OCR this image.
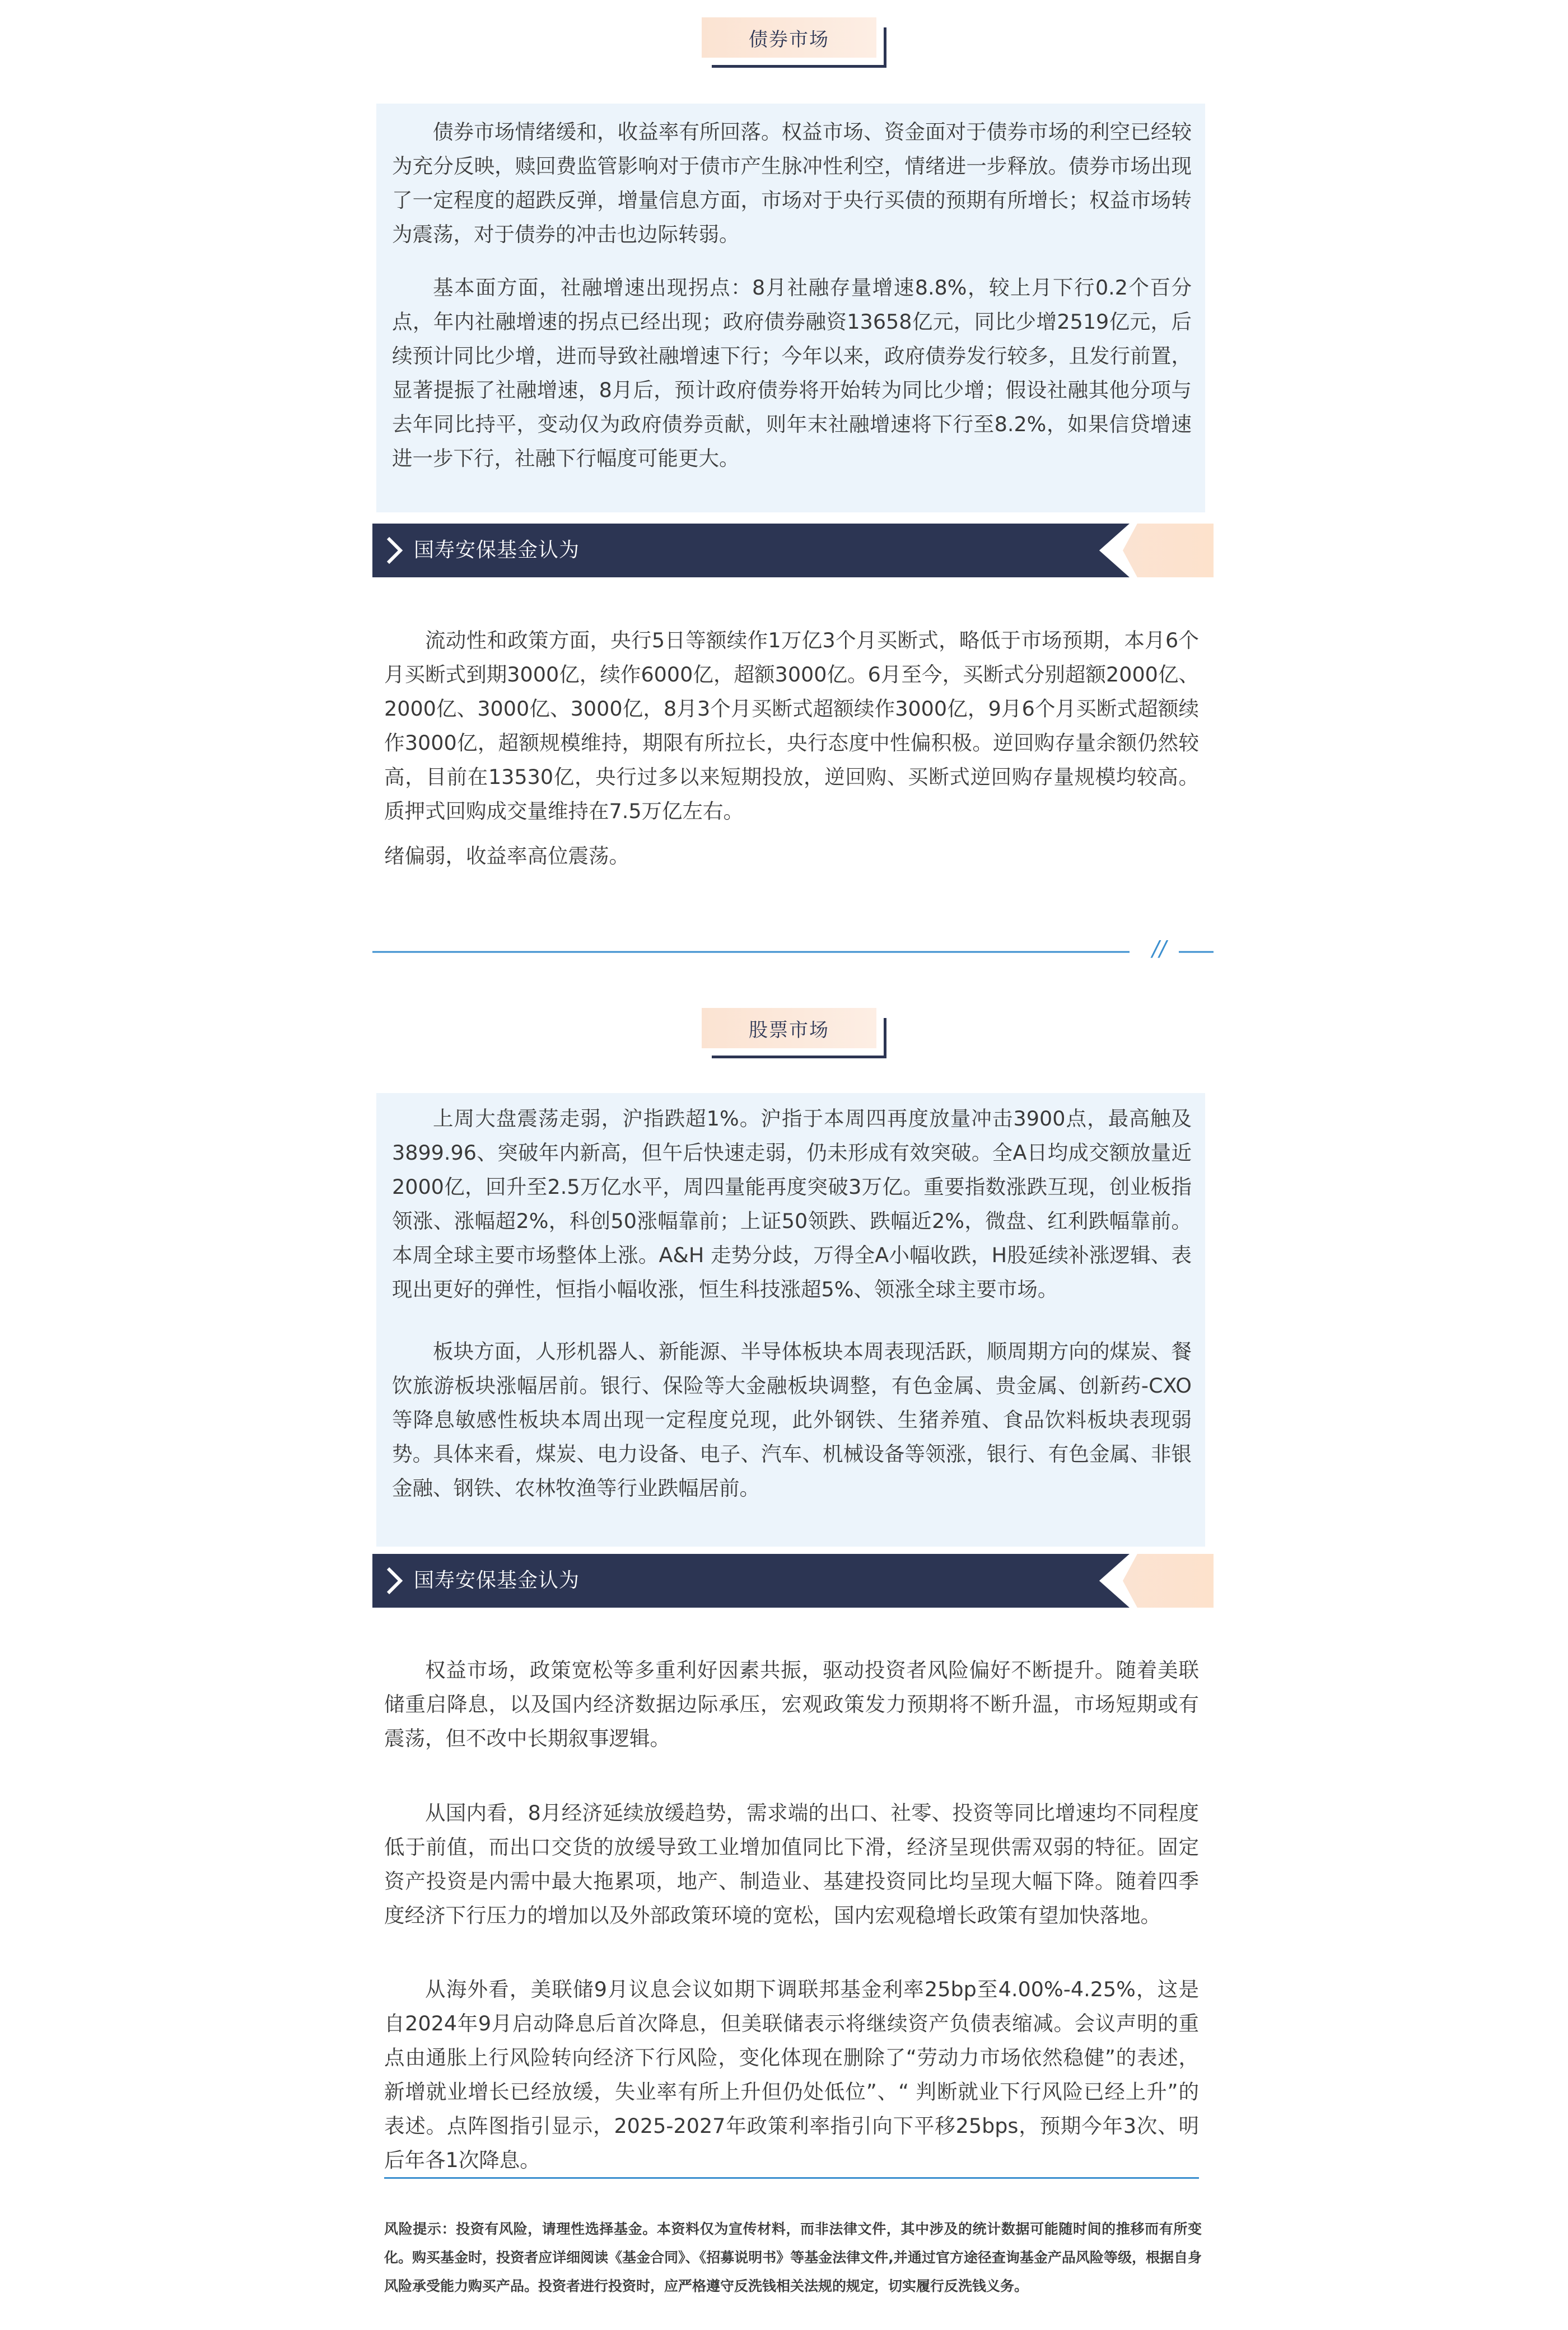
债券市场
债券市场情绪缓和，收益率有所回落。权益市场、资金面对于债券市场的利空已经较为充分反映，赎回费监管影响对于债市产生脉冲性利空，情绪进一步释放。债券市场出现了一定程度的超跌反弹，增量信息方面，市场对于央行买债的预期有所增长；权益市场转为震荡，对于债券的冲击也边际转弱。
基本面方面，社融增速出现拐点：8月社融存量增速8.8%，较上月下行0.2个百分点，年内社融增速的拐点已经出现；政府债券融资13658亿元，同比少增2519亿元，后续预计同比少增，进而导致社融增速下行；今年以来，政府债券发行较多，且发行前置，显著提振了社融增速，8月后，预计政府债券将开始转为同比少增；假设社融其他分项与去年同比持平，变动仅为政府债券贡献，则年末社融增速将下行至8.2%，如果信贷增速进一步下行，社融下行幅度可能更大。
国寿安保基金认为
流动性和政策方面，央行5日等额续作1万亿3个月买断式，略低于市场预期，本月6个月买断式到期3000亿，续作6000亿，超额3000亿。6月至今，买断式分别超额2000亿、2000亿、3000亿、3000亿，8月3个月买断式超额续作3000亿，9月6个月买断式超额续作3000亿，超额规模维持，期限有所拉长，央行态度中性偏积极。逆回购存量余额仍然较高，目前在13530亿，央行过多以来短期投放，逆回购、买断式逆回购存量规模均较高。质押式回购成交量维持在7.5万亿左右。
绪偏弱，收益率高位震荡。
//
股票市场
上周大盘震荡走弱，沪指跌超1%。沪指于本周四再度放量冲击3900点，最高触及3899.96、突破年内新高，但午后快速走弱，仍未形成有效突破。全A日均成交额放量近2000亿，回升至2.5万亿水平，周四量能再度突破3万亿。重要指数涨跌互现，创业板指领涨、涨幅超2%，科创50涨幅靠前；上证50领跌、跌幅近2%，微盘、红利跌幅靠前。本周全球主要市场整体上涨。A&H 走势分歧，万得全A小幅收跌，H股延续补涨逻辑、表现出更好的弹性，恒指小幅收涨，恒生科技涨超5%、领涨全球主要市场。
板块方面，人形机器人、新能源、半导体板块本周表现活跃，顺周期方向的煤炭、餐饮旅游板块涨幅居前。银行、保险等大金融板块调整，有色金属、贵金属、创新药-CXO等降息敏感性板块本周出现一定程度兑现，此外钢铁、生猪养殖、食品饮料板块表现弱势。具体来看，煤炭、电力设备、电子、汽车、机械设备等领涨，银行、有色金属、非银金融、钢铁、农林牧渔等行业跌幅居前。
国寿安保基金认为
权益市场，政策宽松等多重利好因素共振，驱动投资者风险偏好不断提升。随着美联储重启降息，以及国内经济数据边际承压，宏观政策发力预期将不断升温，市场短期或有震荡，但不改中长期叙事逻辑。
从国内看，8月经济延续放缓趋势，需求端的出口、社零、投资等同比增速均不同程度低于前值，而出口交货的放缓导致工业增加值同比下滑，经济呈现供需双弱的特征。固定资产投资是内需中最大拖累项，地产、制造业、基建投资同比均呈现大幅下降。随着四季度经济下行压力的增加以及外部政策环境的宽松，国内宏观稳增长政策有望加快落地。
从海外看，美联储9月议息会议如期下调联邦基金利率25bp至4.00%-4.25%，这是自2024年9月启动降息后首次降息，但美联储表示将继续资产负债表缩减。会议声明的重点由通胀上行风险转向经济下行风险，变化体现在删除了“劳动力市场依然稳健”的表述，新增就业增长已经放缓，失业率有所上升但仍处低位”、“ 判断就业下行风险已经上升”的表述。点阵图指引显示，2025-2027年政策利率指引向下平移25bps，预期今年3次、明后年各1次降息。
风险提示：投资有风险，请理性选择基金。本资料仅为宣传材料，而非法律文件，其中涉及的统计数据可能随时间的推移而有所变化。购买基金时，投资者应详细阅读《基金合同》、《招募说明书》等基金法律文件,并通过官方途径查询基金产品风险等级，根据自身风险承受能力购买产品。投资者进行投资时，应严格遵守反洗钱相关法规的规定，切实履行反洗钱义务。
